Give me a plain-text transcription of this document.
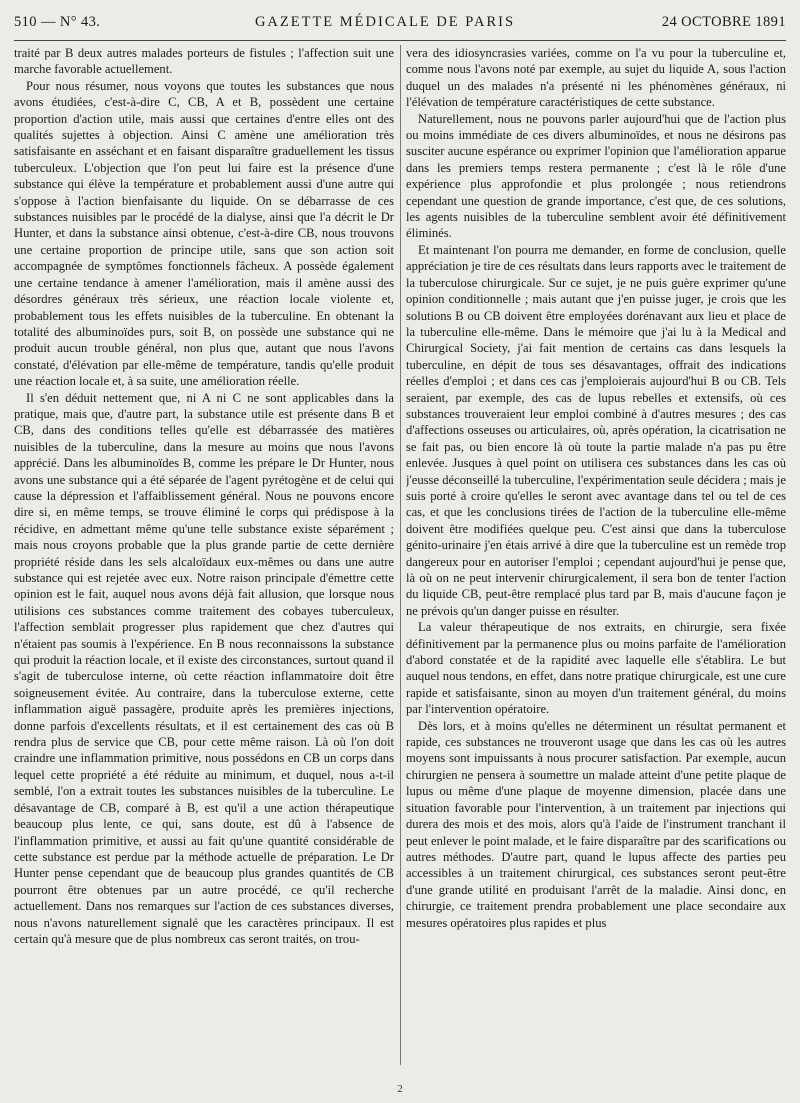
510 — N° 43.	GAZETTE MÉDICALE DE PARIS	24 OCTOBRE 1891

traité par B deux autres malades porteurs de fistules ; l'affection suit une marche favorable actuellement.

Pour nous résumer, nous voyons que toutes les substances que nous avons étudiées, c'est-à-dire C, CB, A et B, possèdent une certaine proportion d'action utile, mais aussi que certaines d'entre elles ont des qualités sujettes à objection. Ainsi C amène une amélioration très satisfaisante en asséchant et en faisant disparaître graduellement les tissus tuberculeux. L'objection que l'on peut lui faire est la présence d'une substance qui élève la température et probablement aussi d'une autre qui s'oppose à l'action bienfaisante du liquide. On se débarrasse de ces substances nuisibles par le procédé de la dialyse, ainsi que l'a décrit le Dr Hunter, et dans la substance ainsi obtenue, c'est-à-dire CB, nous trouvons une certaine proportion de principe utile, sans que son action soit accompagnée de symptômes fonctionnels fâcheux. A possède également une certaine tendance à amener l'amélioration, mais il amène aussi des désordres généraux très sérieux, une réaction locale violente et, probablement tous les effets nuisibles de la tuberculine. En obtenant la totalité des albuminoïdes purs, soit B, on possède une substance qui ne produit aucun trouble général, non plus que, autant que nous l'avons constaté, d'élévation par elle-même de température, tandis qu'elle produit une réaction locale et, à sa suite, une amélioration réelle.

Il s'en déduit nettement que, ni A ni C ne sont applicables dans la pratique, mais que, d'autre part, la substance utile est présente dans B et CB, dans des conditions telles qu'elle est débarrassée des matières nuisibles de la tuberculine, dans la mesure au moins que nous l'avons apprécié. Dans les albuminoïdes B, comme les prépare le Dr Hunter, nous avons une substance qui a été séparée de l'agent pyrétogène et de celui qui cause la dépression et l'affaiblissement général. Nous ne pouvons encore dire si, en même temps, se trouve éliminé le corps qui prédispose à la récidive, en admettant même qu'une telle substance existe séparément ; mais nous croyons probable que la plus grande partie de cette dernière propriété réside dans les sels alcaloïdaux eux-mêmes ou dans une autre substance qui est rejetée avec eux. Notre raison principale d'émettre cette opinion est le fait, auquel nous avons déjà fait allusion, que lorsque nous utilisions ces substances comme traitement des cobayes tuberculeux, l'affection semblait progresser plus rapidement que chez d'autres qui n'étaient pas soumis à l'expérience. En B nous reconnaissons la substance qui produit la réaction locale, et il existe des circonstances, surtout quand il s'agit de tuberculose interne, où cette réaction inflammatoire doit être soigneusement évitée. Au contraire, dans la tuberculose externe, cette inflammation aiguë passagère, produite après les premières injections, donne parfois d'excellents résultats, et il est certainement des cas où B rendra plus de service que CB, pour cette même raison. Là où l'on doit craindre une inflammation primitive, nous possédons en CB un corps dans lequel cette propriété a été réduite au minimum, et duquel, nous a-t-il semblé, l'on a extrait toutes les substances nuisibles de la tuberculine. Le désavantage de CB, comparé à B, est qu'il a une action thérapeutique beaucoup plus lente, ce qui, sans doute, est dû à l'absence de l'inflammation primitive, et aussi au fait qu'une quantité considérable de cette substance est perdue par la méthode actuelle de préparation. Le Dr Hunter pense cependant que de beaucoup plus grandes quantités de CB pourront être obtenues par un autre procédé, ce qu'il recherche actuellement. Dans nos remarques sur l'action de ces substances diverses, nous n'avons naturellement signalé que les caractères principaux. Il est certain qu'à mesure que de plus nombreux cas seront traités, on trou-

vera des idiosyncrasies variées, comme on l'a vu pour la tuberculine et, comme nous l'avons noté par exemple, au sujet du liquide A, sous l'action duquel un des malades n'a présenté ni les phénomènes généraux, ni l'élévation de température caractéristiques de cette substance.

Naturellement, nous ne pouvons parler aujourd'hui que de l'action plus ou moins immédiate de ces divers albuminoïdes, et nous ne désirons pas susciter aucune espérance ou exprimer l'opinion que l'amélioration apparue dans les premiers temps restera permanente ; c'est là le rôle d'une expérience plus approfondie et plus prolongée ; nous retiendrons cependant une question de grande importance, c'est que, de ces solutions, les agents nuisibles de la tuberculine semblent avoir été définitivement éliminés.

Et maintenant l'on pourra me demander, en forme de conclusion, quelle appréciation je tire de ces résultats dans leurs rapports avec le traitement de la tuberculose chirurgicale. Sur ce sujet, je ne puis guère exprimer qu'une opinion conditionnelle ; mais autant que j'en puisse juger, je crois que les solutions B ou CB doivent être employées dorénavant aux lieu et place de la tuberculine elle-même. Dans le mémoire que j'ai lu à la Medical and Chirurgical Society, j'ai fait mention de certains cas dans lesquels la tuberculine, en dépit de tous ses désavantages, offrait des indications réelles d'emploi ; et dans ces cas j'emploierais aujourd'hui B ou CB. Tels seraient, par exemple, des cas de lupus rebelles et extensifs, où ces substances trouveraient leur emploi combiné à d'autres mesures ; des cas d'affections osseuses ou articulaires, où, après opération, la cicatrisation ne se fait pas, ou bien encore là où toute la partie malade n'a pas pu être enlevée. Jusques à quel point on utilisera ces substances dans les cas où j'eusse déconseillé la tuberculine, l'expérimentation seule décidera ; mais je suis porté à croire qu'elles le seront avec avantage dans tel ou tel de ces cas, et que les conclusions tirées de l'action de la tuberculine elle-même doivent être modifiées quelque peu. C'est ainsi que dans la tuberculose génito-urinaire j'en étais arrivé à dire que la tuberculine est un remède trop dangereux pour en autoriser l'emploi ; cependant aujourd'hui je pense que, là où on ne peut intervenir chirurgicalement, il sera bon de tenter l'action du liquide CB, peut-être remplacé plus tard par B, mais d'aucune façon je ne prévois qu'un danger puisse en résulter.

La valeur thérapeutique de nos extraits, en chirurgie, sera fixée définitivement par la permanence plus ou moins parfaite de l'amélioration d'abord constatée et de la rapidité avec laquelle elle s'établira. Le but auquel nous tendons, en effet, dans notre pratique chirurgicale, est une cure rapide et satisfaisante, sinon au moyen d'un traitement général, du moins par l'intervention opératoire.

Dès lors, et à moins qu'elles ne déterminent un résultat permanent et rapide, ces substances ne trouveront usage que dans les cas où les autres moyens sont impuissants à nous procurer satisfaction. Par exemple, aucun chirurgien ne pensera à soumettre un malade atteint d'une petite plaque de lupus ou même d'une plaque de moyenne dimension, placée dans une situation favorable pour l'intervention, à un traitement par injections qui durera des mois et des mois, alors qu'à l'aide de l'instrument tranchant il peut enlever le point malade, et le faire disparaître par des scarifications ou autres méthodes. D'autre part, quand le lupus affecte des parties peu accessibles à un traitement chirurgical, ces substances seront peut-être d'une grande utilité en produisant l'arrêt de la maladie. Ainsi donc, en chirurgie, ce traitement prendra probablement une place secondaire aux mesures opératoires plus rapides et plus

2
